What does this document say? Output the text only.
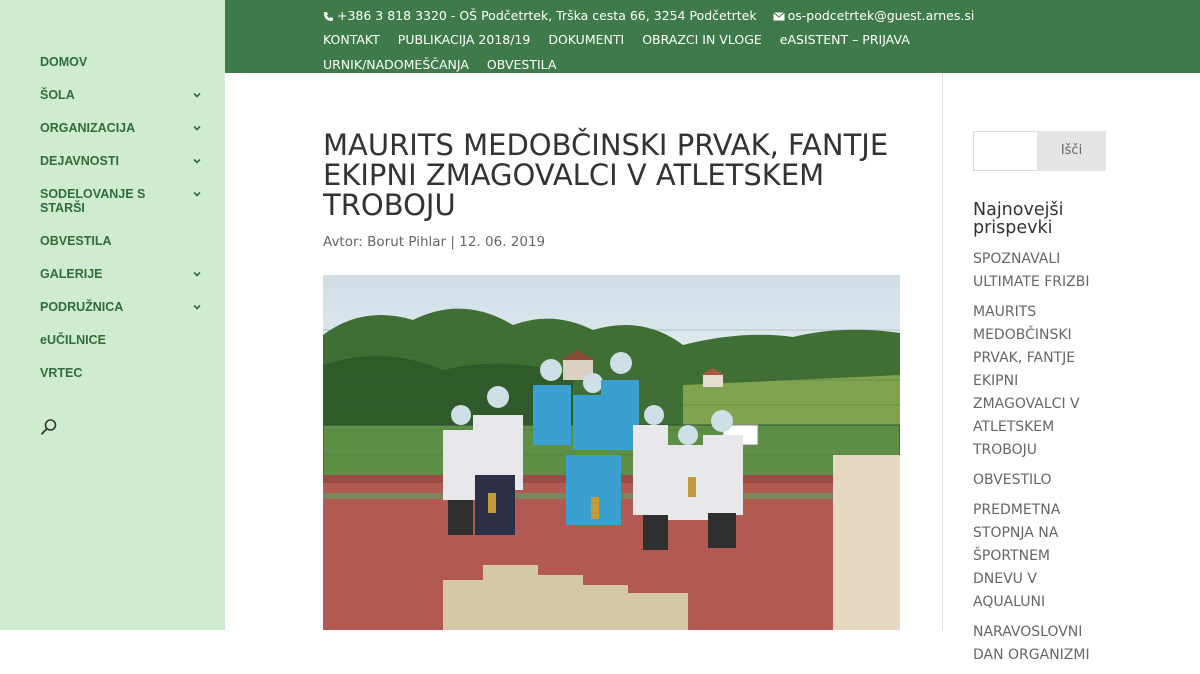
DOMOV
ŠOLA
ORGANIZACIJA
DEJAVNOSTI
SODELOVANJE S STARŠI
OBVESTILA
GALERIJE
PODRUŽNICA
eUČILNICE
VRTEC
+386 3 818 3320 - OŠ Podčetrtek, Trška cesta 66, 3254 Podčetrtek os-podcetrtek@guest.arnes.si
KONTAKT PUBLIKACIJA 2018/19 DOKUMENTI OBRAZCI IN VLOGE eASISTENT – PRIJAVAURNIK/NADOMEŠČANJA OBVESTILA
MAURITS MEDOBČINSKI PRVAK, FANTJE EKIPNI ZMAGOVALCI V ATLETSKEM TROBOJU
Avtor: Borut Pihlar | 12. 06. 2019
Išči
Najnovejši prispevki
SPOZNAVALI ULTIMATE FRIZBI
MAURITS MEDOBČINSKI PRVAK, FANTJE EKIPNI ZMAGOVALCI V ATLETSKEM TROBOJU
OBVESTILO
PREDMETNA STOPNJA NA ŠPORTNEM DNEVU V AQUALUNI
NARAVOSLOVNI DAN ORGANIZMI
